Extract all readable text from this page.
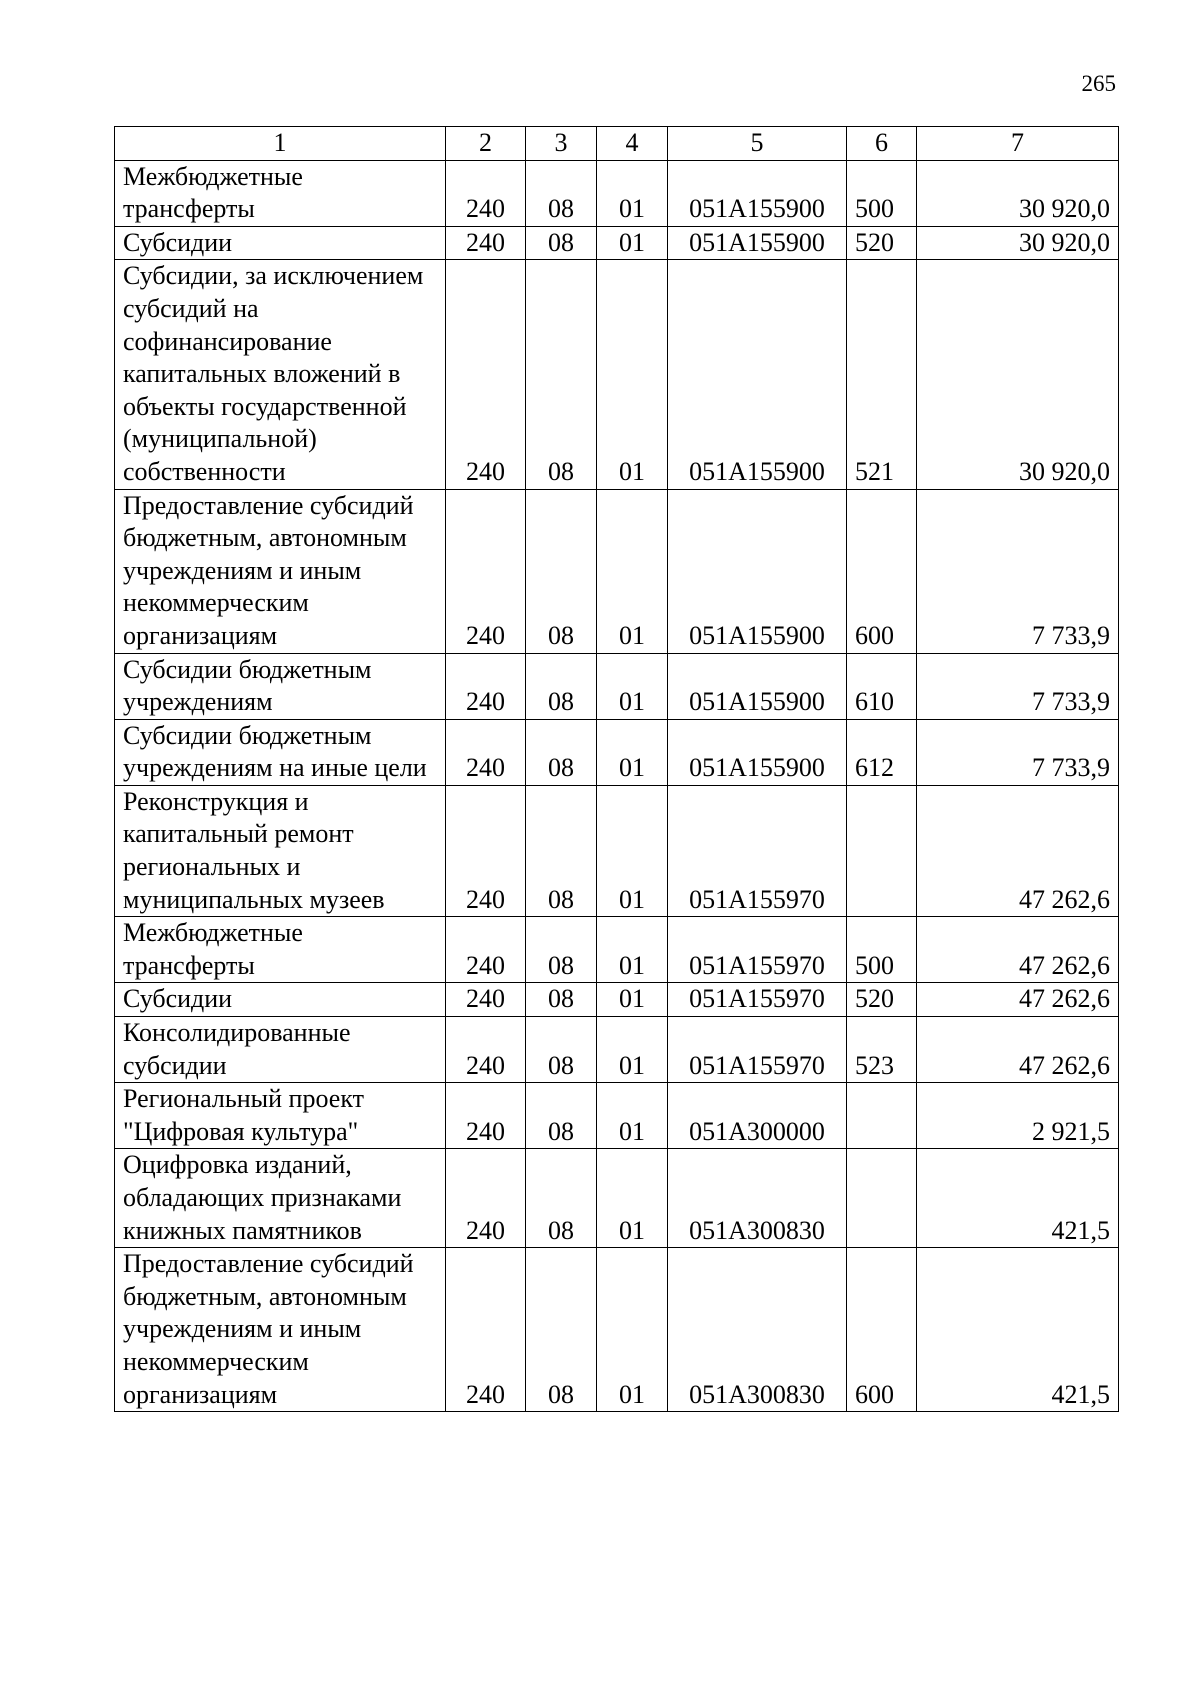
265
1	2	3	4	5	6	7
Межбюджетные трансферты	240	08	01	051A155900	500	30 920,0
Субсидии	240	08	01	051A155900	520	30 920,0
Субсидии, за исключением субсидий на софинансирование капитальных вложений в объекты государственной (муниципальной) собственности	240	08	01	051A155900	521	30 920,0
Предоставление субсидий бюджетным, автономным учреждениям и иным некоммерческим организациям	240	08	01	051A155900	600	7 733,9
Субсидии бюджетным учреждениям	240	08	01	051A155900	610	7 733,9
Субсидии бюджетным учреждениям на иные цели	240	08	01	051A155900	612	7 733,9
Реконструкция и капитальный ремонт региональных и муниципальных музеев	240	08	01	051A155970		47 262,6
Межбюджетные трансферты	240	08	01	051A155970	500	47 262,6
Субсидии	240	08	01	051A155970	520	47 262,6
Консолидированные субсидии	240	08	01	051A155970	523	47 262,6
Региональный проект "Цифровая культура"	240	08	01	051A300000		2 921,5
Оцифровка изданий, обладающих признаками книжных памятников	240	08	01	051A300830		421,5
Предоставление субсидий бюджетным, автономным учреждениям и иным некоммерческим организациям	240	08	01	051A300830	600	421,5
